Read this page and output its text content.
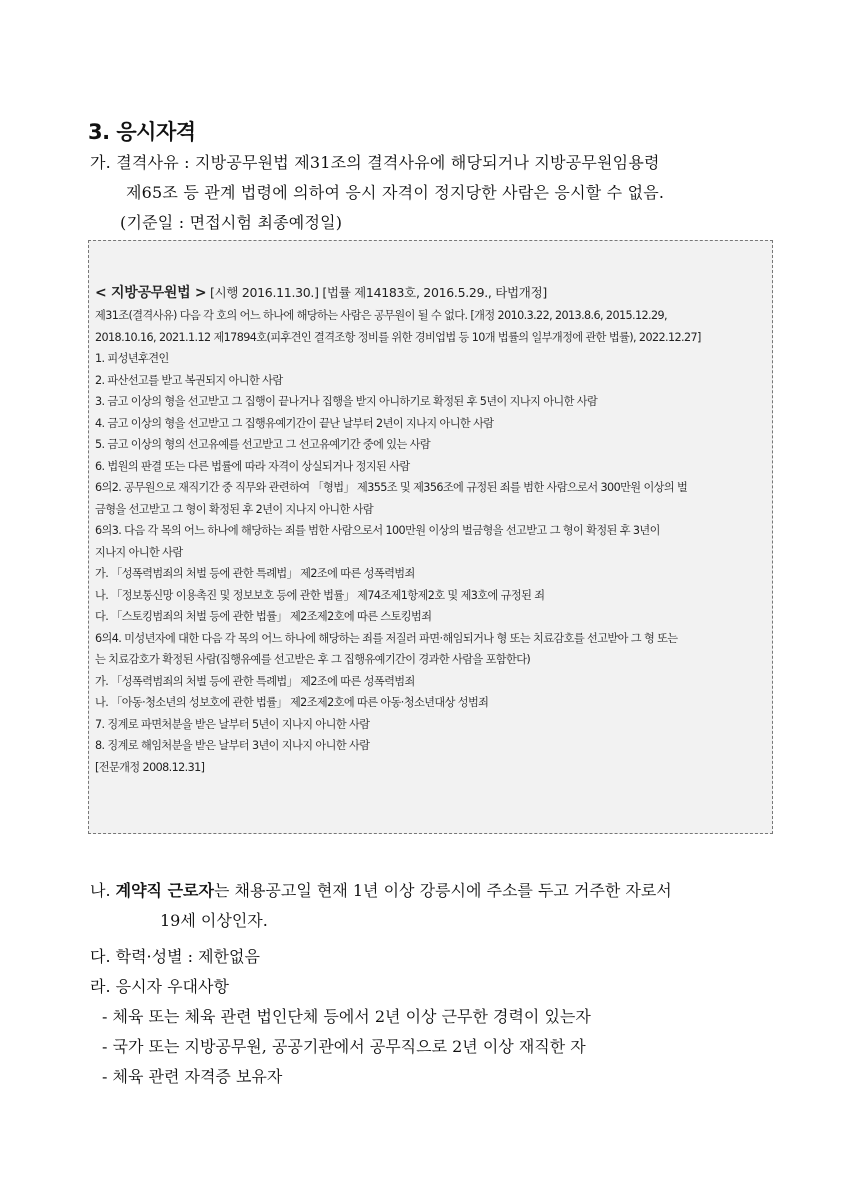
3. 응시자격
가. 결격사유 : 지방공무원법 제31조의 결격사유에 해당되거나 지방공무원임용령
제65조 등 관계 법령에 의하여 응시 자격이 정지당한 사람은 응시할 수 없음.
(기준일 : 면접시험 최종예정일)
< 지방공무원법 > [시행 2016.11.30.] [법률 제14183호, 2016.5.29., 타법개정]
제31조(결격사유) 다음 각 호의 어느 하나에 해당하는 사람은 공무원이 될 수 없다. [개정 2010.3.22, 2013.8.6, 2015.12.29,
2018.10.16, 2021.1.12 제17894호(피후견인 결격조항 정비를 위한 경비업법 등 10개 법률의 일부개정에 관한 법률), 2022.12.27]
1. 피성년후견인
2. 파산선고를 받고 복권되지 아니한 사람
3. 금고 이상의 형을 선고받고 그 집행이 끝나거나 집행을 받지 아니하기로 확정된 후 5년이 지나지 아니한 사람
4. 금고 이상의 형을 선고받고 그 집행유예기간이 끝난 날부터 2년이 지나지 아니한 사람
5. 금고 이상의 형의 선고유예를 선고받고 그 선고유예기간 중에 있는 사람
6. 법원의 판결 또는 다른 법률에 따라 자격이 상실되거나 정지된 사람
6의2. 공무원으로 재직기간 중 직무와 관련하여 「형법」 제355조 및 제356조에 규정된 죄를 범한 사람으로서 300만원 이상의 벌
금형을 선고받고 그 형이 확정된 후 2년이 지나지 아니한 사람
6의3. 다음 각 목의 어느 하나에 해당하는 죄를 범한 사람으로서 100만원 이상의 벌금형을 선고받고 그 형이 확정된 후 3년이
지나지 아니한 사람
가. 「성폭력범죄의 처벌 등에 관한 특례법」 제2조에 따른 성폭력범죄
나. 「정보통신망 이용촉진 및 정보보호 등에 관한 법률」 제74조제1항제2호 및 제3호에 규정된 죄
다. 「스토킹범죄의 처벌 등에 관한 법률」 제2조제2호에 따른 스토킹범죄
6의4. 미성년자에 대한 다음 각 목의 어느 하나에 해당하는 죄를 저질러 파면·해임되거나 형 또는 치료감호를 선고받아 그 형 또는
는 치료감호가 확정된 사람(집행유예를 선고받은 후 그 집행유예기간이 경과한 사람을 포함한다)
가. 「성폭력범죄의 처벌 등에 관한 특례법」 제2조에 따른 성폭력범죄
나. 「아동·청소년의 성보호에 관한 법률」 제2조제2호에 따른 아동·청소년대상 성범죄
7. 징계로 파면처분을 받은 날부터 5년이 지나지 아니한 사람
8. 징계로 해임처분을 받은 날부터 3년이 지나지 아니한 사람
[전문개정 2008.12.31]
나. 계약직 근로자는 채용공고일 현재 1년 이상 강릉시에 주소를 두고 거주한 자로서
19세 이상인자.
다. 학력·성별 : 제한없음
라. 응시자 우대사항
- 체육 또는 체육 관련 법인단체 등에서 2년 이상 근무한 경력이 있는자
- 국가 또는 지방공무원, 공공기관에서 공무직으로 2년 이상 재직한 자
- 체육 관련 자격증 보유자
